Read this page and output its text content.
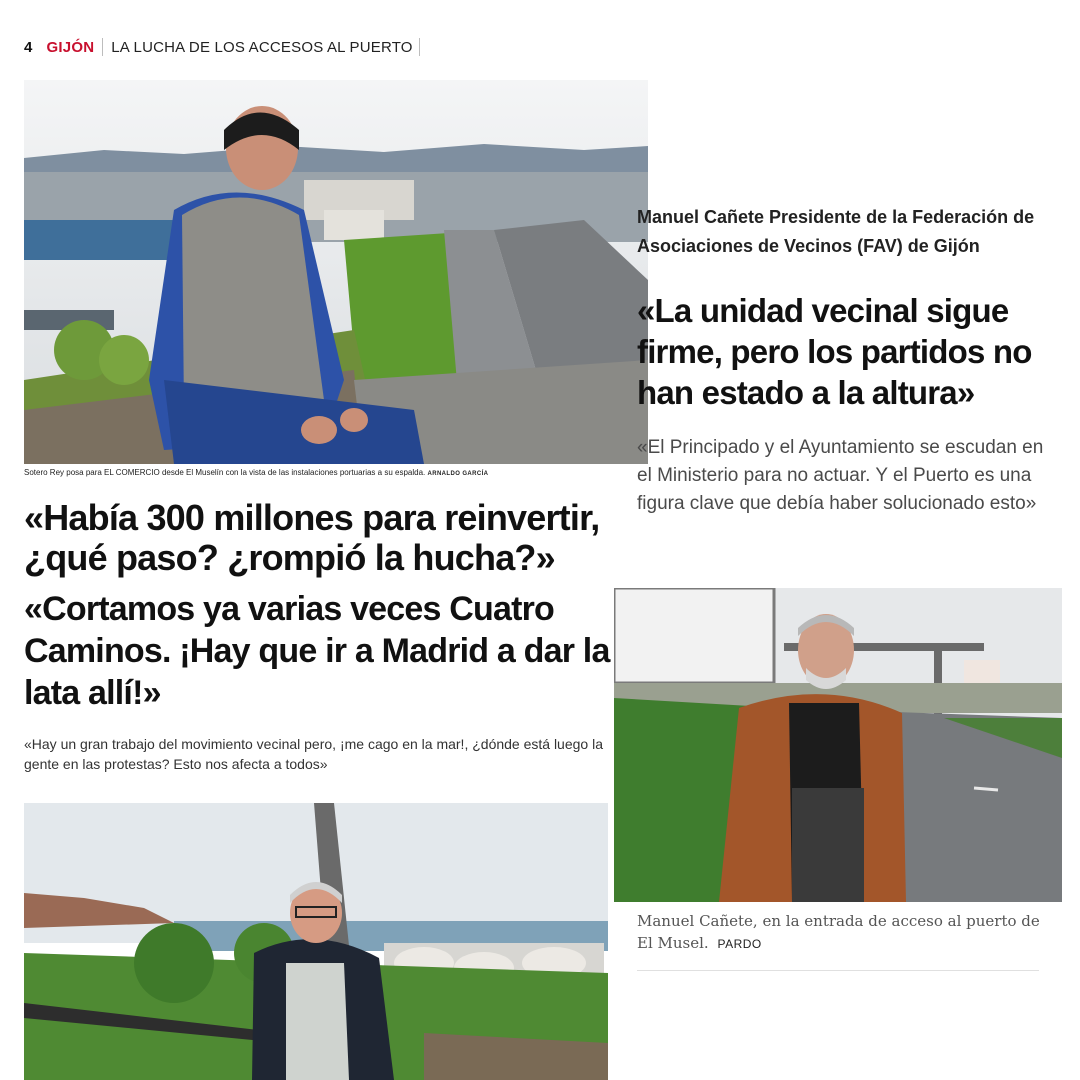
4 GIJÓN LA LUCHA DE LOS ACCESOS AL PUERTO
Sotero Rey posa para EL COMERCIO desde El Muselín con la vista de las instalaciones portuarias a su espalda. ARNALDO GARCÍA
«Había 300 millones para reinvertir, ¿qué paso? ¿rompió la hucha?»
«Cortamos ya varias veces Cuatro Caminos. ¡Hay que ir a Madrid a dar la lata allí!»
«Hay un gran trabajo del movimiento vecinal pero, ¡me cago en la mar!, ¿dónde está luego la gente en las protestas? Esto nos afecta a todos»
Manuel Cañete Presidente de la Federación de Asociaciones de Vecinos (FAV) de Gijón
«La unidad vecinal sigue firme, pero los partidos no han estado a la altura»
«El Principado y el Ayuntamiento se escudan en el Ministerio para no actuar. Y el Puerto es una figura clave que debía haber solucionado esto»
Manuel Cañete, en la entrada de acceso al puerto de El Musel. PARDO
